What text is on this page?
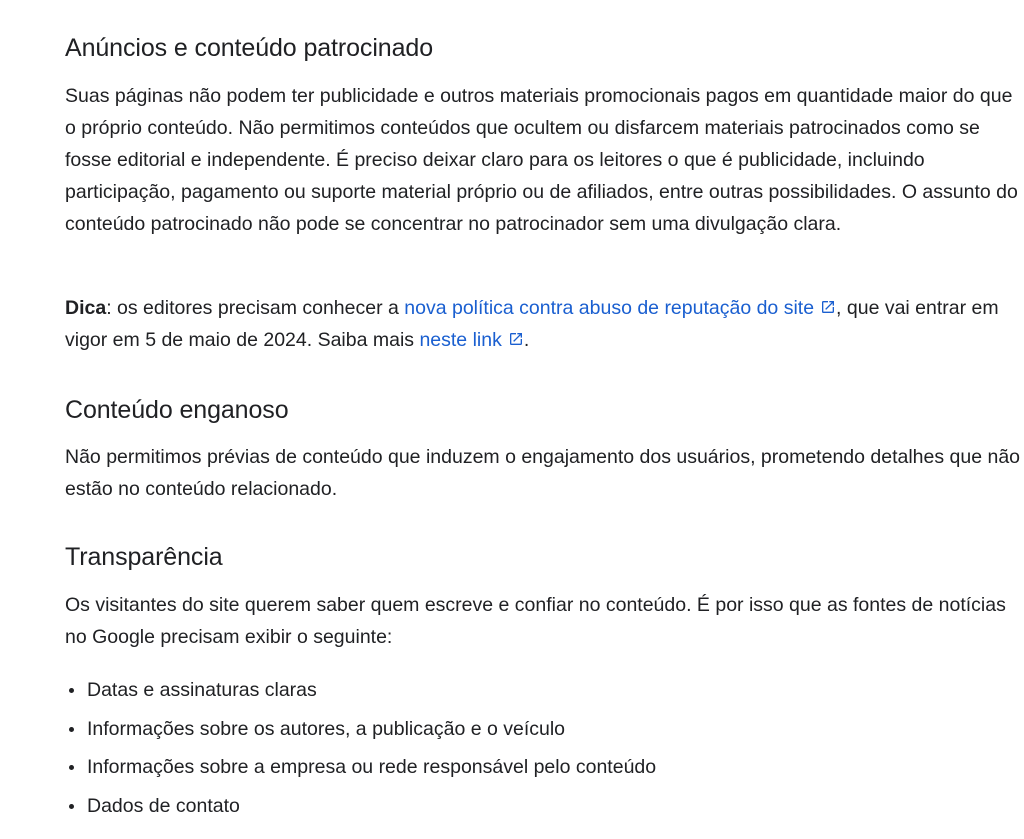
Anúncios e conteúdo patrocinado

Suas páginas não podem ter publicidade e outros materiais promocionais pagos em quantidade maior do que o próprio conteúdo. Não permitimos conteúdos que ocultem ou disfarcem materiais patrocinados como se fosse editorial e independente. É preciso deixar claro para os leitores o que é publicidade, incluindo participação, pagamento ou suporte material próprio ou de afiliados, entre outras possibilidades. O assunto do conteúdo patrocinado não pode se concentrar no patrocinador sem uma divulgação clara.

Dica: os editores precisam conhecer a nova política contra abuso de reputação do site , que vai entrar em vigor em 5 de maio de 2024. Saiba mais neste link .

Conteúdo enganoso

Não permitimos prévias de conteúdo que induzem o engajamento dos usuários, prometendo detalhes que não estão no conteúdo relacionado.

Transparência

Os visitantes do site querem saber quem escreve e confiar no conteúdo. É por isso que as fontes de notícias no Google precisam exibir o seguinte:

Datas e assinaturas claras
Informações sobre os autores, a publicação e o veículo
Informações sobre a empresa ou rede responsável pelo conteúdo
Dados de contato
